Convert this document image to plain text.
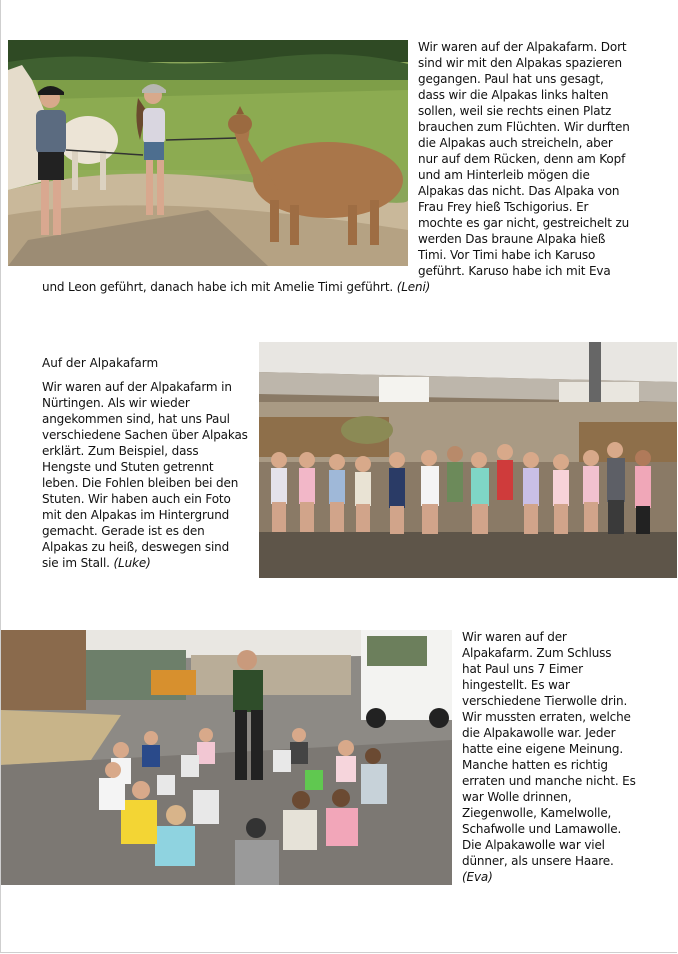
Wir waren auf der Alpakafarm. Dort
sind wir mit den Alpakas spazieren
gegangen. Paul hat uns gesagt,
dass wir die Alpakas links halten
sollen, weil sie rechts einen Platz
brauchen zum Flüchten. Wir durften
die Alpakas auch streicheln, aber
nur auf dem Rücken, denn am Kopf
und am Hinterleib mögen die
Alpakas das nicht. Das Alpaka von
Frau Frey hieß Tschigorius. Er
mochte es gar nicht, gestreichelt zu
werden Das braune Alpaka hieß
Timi. Vor Timi habe ich Karuso
geführt. Karuso habe ich mit Eva
und Leon geführt, danach habe ich mit Amelie Timi geführt. (Leni)
Auf der Alpakafarm
Wir waren auf der Alpakafarm in
Nürtingen. Als wir wieder
angekommen sind, hat uns Paul
verschiedene Sachen über Alpakas
erklärt. Zum Beispiel, dass
Hengste und Stuten getrennt
leben. Die Fohlen bleiben bei den
Stuten. Wir haben auch ein Foto
mit den Alpakas im Hintergrund
gemacht. Gerade ist es den
Alpakas zu heiß, deswegen sind
sie im Stall. (Luke)
Wir waren auf der
Alpakafarm. Zum Schluss
hat Paul uns 7 Eimer
hingestellt. Es war
verschiedene Tierwolle drin.
Wir mussten erraten, welche
die Alpakawolle war. Jeder
hatte eine eigene Meinung.
Manche hatten es richtig
erraten und manche nicht. Es
war Wolle drinnen,
Ziegenwolle, Kamelwolle,
Schafwolle und Lamawolle.
Die Alpakawolle war viel
dünner, als unsere Haare.
(Eva)
